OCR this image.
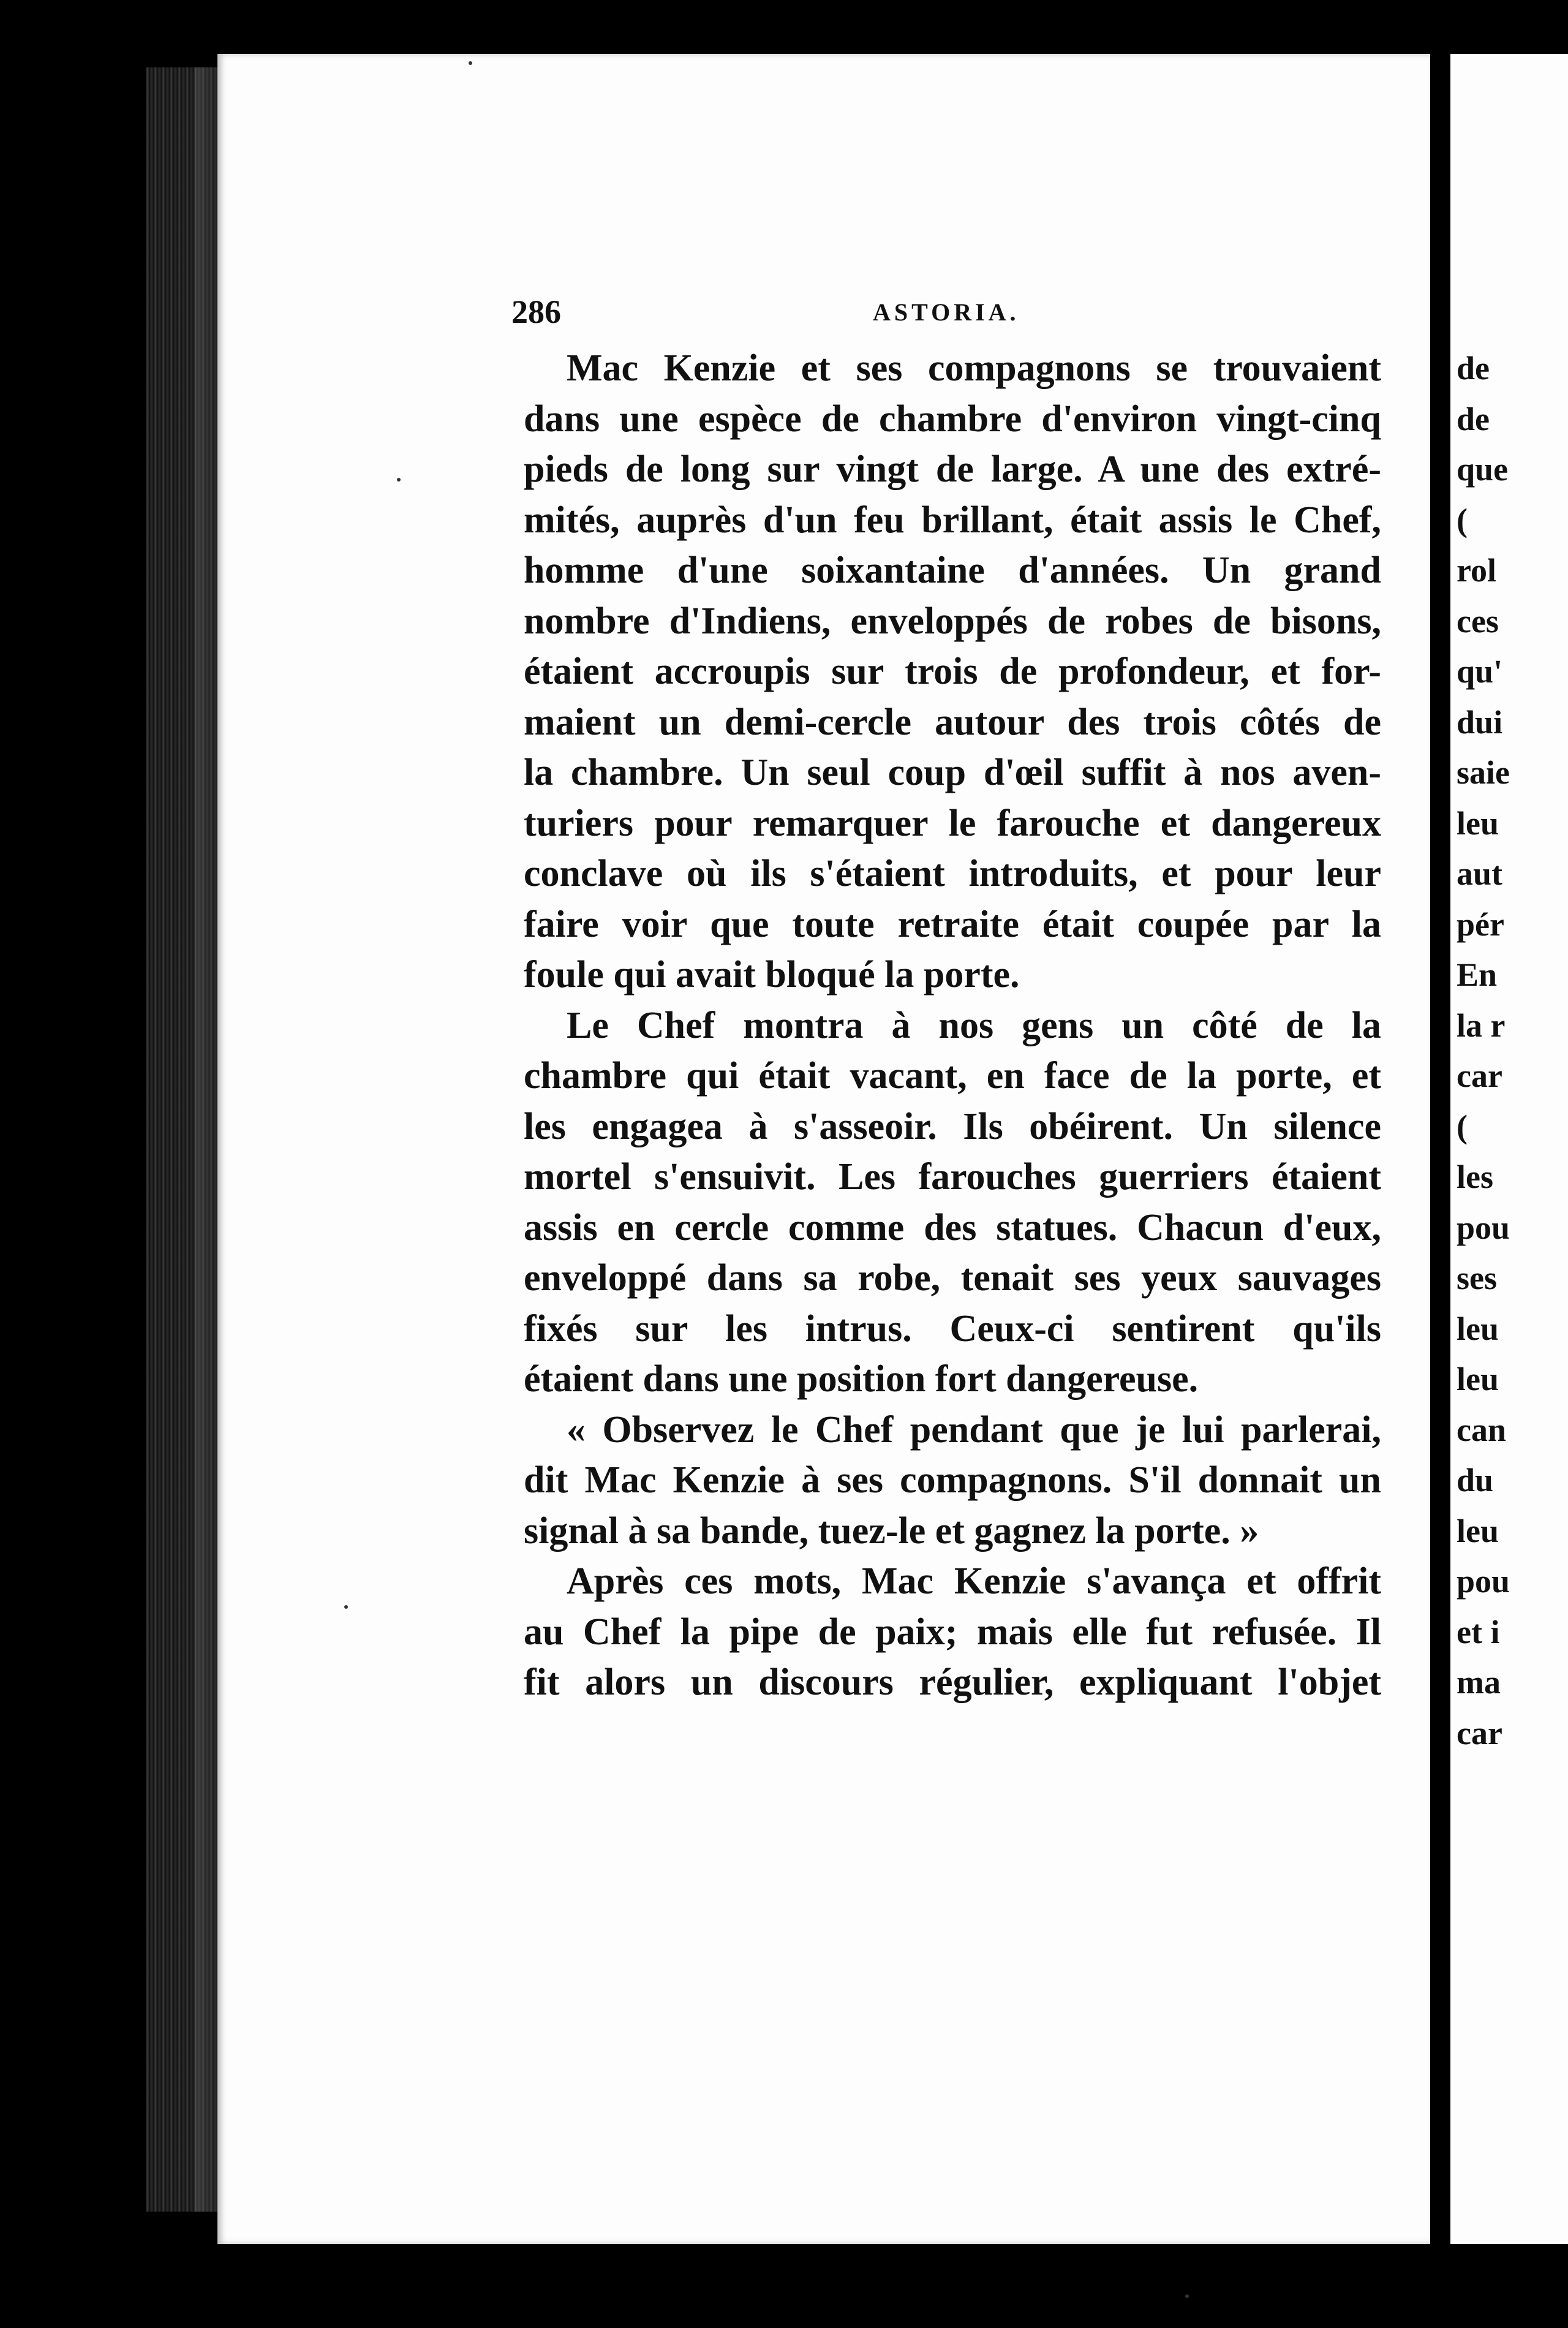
286	ASTORIA.
Mac Kenzie et ses compagnons se trouvaient
dans une espèce de chambre d'environ vingt-cinq
pieds de long sur vingt de large. A une des extré-
mités, auprès d'un feu brillant, était assis le Chef,
homme d'une soixantaine d'années. Un grand
nombre d'Indiens, enveloppés de robes de bisons,
étaient accroupis sur trois de profondeur, et for-
maient un demi-cercle autour des trois côtés de
la chambre. Un seul coup d'œil suffit à nos aven-
turiers pour remarquer le farouche et dangereux
conclave où ils s'étaient introduits, et pour leur
faire voir que toute retraite était coupée par la
foule qui avait bloqué la porte.
Le Chef montra à nos gens un côté de la
chambre qui était vacant, en face de la porte, et
les engagea à s'asseoir. Ils obéirent. Un silence
mortel s'ensuivit. Les farouches guerriers étaient
assis en cercle comme des statues. Chacun d'eux,
enveloppé dans sa robe, tenait ses yeux sauvages
fixés sur les intrus. Ceux-ci sentirent qu'ils
étaient dans une position fort dangereuse.
« Observez le Chef pendant que je lui parlerai,
dit Mac Kenzie à ses compagnons. S'il donnait un
signal à sa bande, tuez-le et gagnez la porte. »
Après ces mots, Mac Kenzie s'avança et offrit
au Chef la pipe de paix; mais elle fut refusée. Il
fit alors un discours régulier, expliquant l'objet
de
de
que
(
rol
ces
qu'
dui
saie
leu
aut
pér
En
la r
car
(
les
pou
ses
leu
leu
can
du
leu
pou
et i
ma
car
